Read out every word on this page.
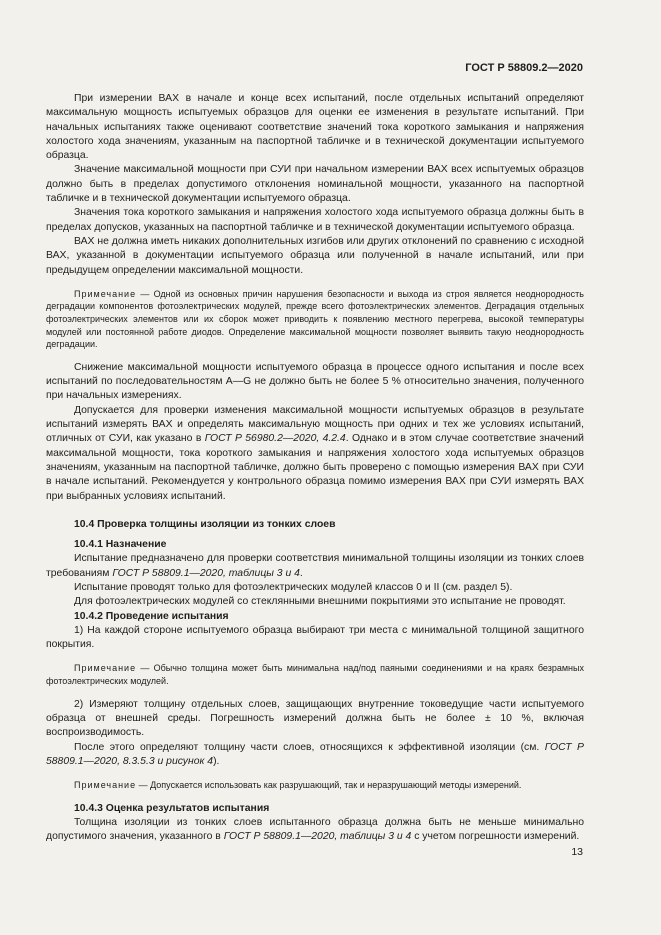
ГОСТ Р 58809.2—2020

При измерении ВАХ в начале и конце всех испытаний, после отдельных испытаний определяют максимальную мощность испытуемых образцов для оценки ее изменения в результате испытаний. При начальных испытаниях также оценивают соответствие значений тока короткого замыкания и напряжения холостого хода значениям, указанным на паспортной табличке и в технической документации испытуемого образца.

Значение максимальной мощности при СУИ при начальном измерении ВАХ всех испытуемых образцов должно быть в пределах допустимого отклонения номинальной мощности, указанного на паспортной табличке и в технической документации испытуемого образца.

Значения тока короткого замыкания и напряжения холостого хода испытуемого образца должны быть в пределах допусков, указанных на паспортной табличке и в технической документации испытуемого образца.

ВАХ не должна иметь никаких дополнительных изгибов или других отклонений по сравнению с исходной ВАХ, указанной в документации испытуемого образца или полученной в начале испытаний, или при предыдущем определении максимальной мощности.

Примечание — Одной из основных причин нарушения безопасности и выхода из строя является неоднородность деградации компонентов фотоэлектрических модулей, прежде всего фотоэлектрических элементов. Деградация отдельных фотоэлектрических элементов или их сборок может приводить к появлению местного перегрева, высокой температуры модулей или постоянной работе диодов. Определение максимальной мощности позволяет выявить такую неоднородность деградации.

Снижение максимальной мощности испытуемого образца в процессе одного испытания и после всех испытаний по последовательностям А—G не должно быть не более 5 % относительно значения, полученного при начальных измерениях.

Допускается для проверки изменения максимальной мощности испытуемых образцов в результате испытаний измерять ВАХ и определять максимальную мощность при одних и тех же условиях испытаний, отличных от СУИ, как указано в ГОСТ Р 56980.2—2020, 4.2.4. Однако и в этом случае соответствие значений максимальной мощности, тока короткого замыкания и напряжения холостого хода испытуемых образцов значениям, указанным на паспортной табличке, должно быть проверено с помощью измерения ВАХ при СУИ в начале испытаний. Рекомендуется у контрольного образца помимо измерения ВАХ при СУИ измерять ВАХ при выбранных условиях испытаний.

10.4 Проверка толщины изоляции из тонких слоев
10.4.1 Назначение

Испытание предназначено для проверки соответствия минимальной толщины изоляции из тонких слоев требованиям ГОСТ Р 58809.1—2020, таблицы 3 и 4.

Испытание проводят только для фотоэлектрических модулей классов 0 и II (см. раздел 5).

Для фотоэлектрических модулей со стеклянными внешними покрытиями это испытание не проводят.

10.4.2 Проведение испытания

1) На каждой стороне испытуемого образца выбирают три места с минимальной толщиной защитного покрытия.

Примечание — Обычно толщина может быть минимальна над/под паяными соединениями и на краях безрамных фотоэлектрических модулей.

2) Измеряют толщину отдельных слоев, защищающих внутренние токоведущие части испытуемого образца от внешней среды. Погрешность измерений должна быть не более ± 10 %, включая воспроизводимость.

После этого определяют толщину части слоев, относящихся к эффективной изоляции (см. ГОСТ Р 58809.1—2020, 8.3.5.3 и рисунок 4).

Примечание — Допускается использовать как разрушающий, так и неразрушающий методы измерений.

10.4.3 Оценка результатов испытания

Толщина изоляции из тонких слоев испытанного образца должна быть не меньше минимально допустимого значения, указанного в ГОСТ Р 58809.1—2020, таблицы 3 и 4 с учетом погрешности измерений.

13
